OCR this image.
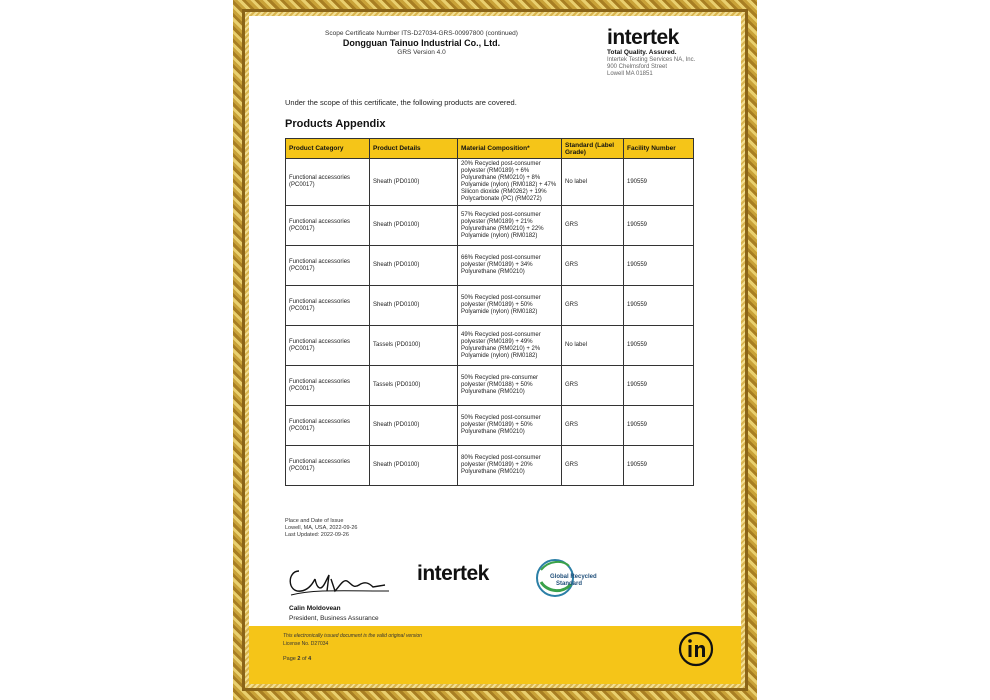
Scope Certificate Number ITS-D27034-GRS-00997800 (continued)
Dongguan Tainuo Industrial Co., Ltd.
GRS Version 4.0
intertek
Total Quality. Assured.
Intertek Testing Services NA, Inc.
900 Chelmsford Street
Lowell MA 01851
Under the scope of this certificate, the following products are covered.
Products Appendix
Product Category	Product Details	Material Composition*	Standard (Label Grade)	Facility Number
Functional accessories (PC0017)	Sheath (PD0100)	20% Recycled post-consumer polyester (RM0189) + 6% Polyurethane (RM0210) + 8% Polyamide (nylon) (RM0182) + 47% Silicon dioxide (RM0262) + 19% Polycarbonate (PC) (RM0272)	No label	190559
Functional accessories (PC0017)	Sheath (PD0100)	57% Recycled post-consumer polyester (RM0189) + 21% Polyurethane (RM0210) + 22% Polyamide (nylon) (RM0182)	GRS	190559
Functional accessories (PC0017)	Sheath (PD0100)	66% Recycled post-consumer polyester (RM0189) + 34% Polyurethane (RM0210)	GRS	190559
Functional accessories (PC0017)	Sheath (PD0100)	50% Recycled post-consumer polyester (RM0189) + 50% Polyamide (nylon) (RM0182)	GRS	190559
Functional accessories (PC0017)	Tassels (PD0100)	49% Recycled post-consumer polyester (RM0189) + 49% Polyurethane (RM0210) + 2% Polyamide (nylon) (RM0182)	No label	190559
Functional accessories (PC0017)	Tassels (PD0100)	50% Recycled pre-consumer polyester (RM0188) + 50% Polyurethane (RM0210)	GRS	190559
Functional accessories (PC0017)	Sheath (PD0100)	50% Recycled post-consumer polyester (RM0189) + 50% Polyurethane (RM0210)	GRS	190559
Functional accessories (PC0017)	Sheath (PD0100)	80% Recycled post-consumer polyester (RM0189) + 20% Polyurethane (RM0210)	GRS	190559
Place and Date of Issue
Lowell, MA, USA, 2022-09-26
Last Updated: 2022-09-26
Calin Moldovean
President, Business Assurance
intertek	Global Recycled
Standard
This electronically issued document is the valid original version
License No. D27034
Page 2 of 4
